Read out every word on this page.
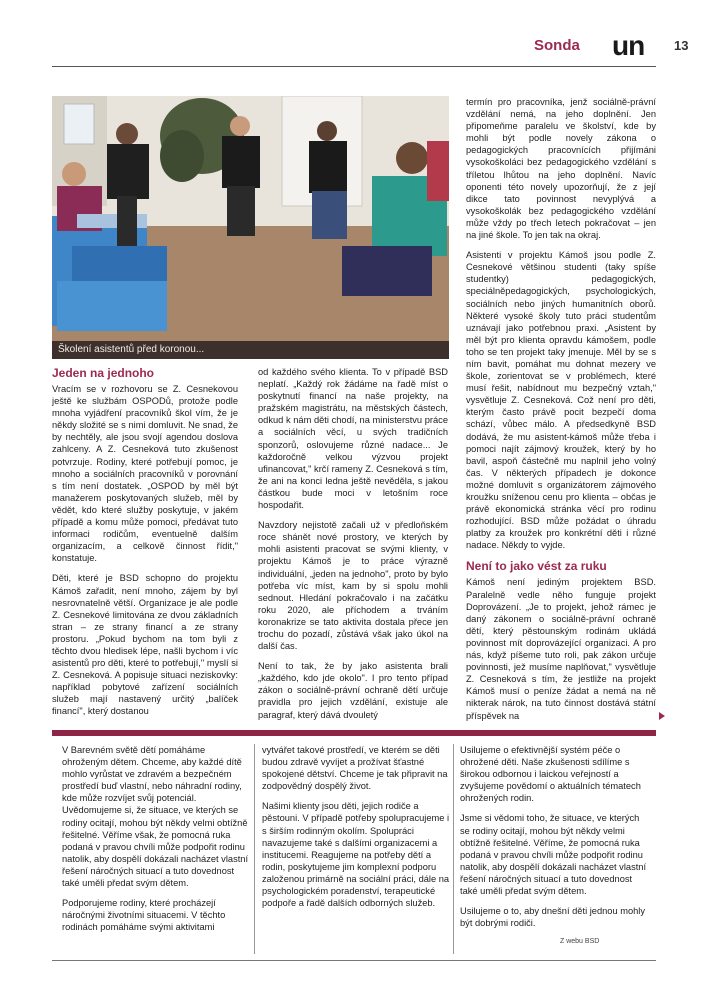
Sonda un 13
Školení asistentů před koronou...
Jeden na jednoho

Vracím se v rozhovoru se Z. Cesnekovou ještě ke službám OSPODů, protože podle mnoha vyjádření pracovníků škol vím, že je někdy složité se s nimi domluvit. Ne snad, že by nechtěly, ale jsou svojí agendou doslova zahlceny. A Z. Cesneková tuto zkušenost potvrzuje. Rodiny, které potřebují pomoc, je mnoho a sociálních pracovníků v porovnání s tím není dostatek. „OSPOD by měl být manažerem poskytovaných služeb, měl by vědět, kdo které služby poskytuje, v jakém případě a komu může pomoci, předávat tuto informaci rodičům, eventuelně dalším organizacím, a celkově činnost řídit," konstatuje.

Děti, které je BSD schopno do projektu Kámoš zařadit, není mnoho, zájem by byl nesrovnatelně větší. Organizace je ale podle Z. Cesnekové limitována ze dvou základních stran – ze strany financí a ze strany prostoru. „Pokud bychom na tom byli z těchto dvou hledisek lépe, našli bychom i víc asistentů pro děti, které to potřebují," myslí si Z. Cesneková. A popisuje situaci neziskovky: například pobytové zařízení sociálních služeb mají nastavený určitý „balíček financí", který dostanou

od každého svého klienta. To v případě BSD neplatí. „Každý rok žádáme na řadě míst o poskytnutí financí na naše projekty, na pražském magistrátu, na městských částech, odkud k nám děti chodí, na ministerstvu práce a sociálních věcí, u svých tradičních sponzorů, oslovujeme různé nadace... Je každoročně velkou výzvou projekt ufinancovat," krčí rameny Z. Cesneková s tím, že ani na konci ledna ještě nevěděla, s jakou částkou bude moci v letošním roce hospodařit.

Navzdory nejistotě začali už v předloňském roce shánět nové prostory, ve kterých by mohli asistenti pracovat se svými klienty, v projektu Kámoš je to práce výrazně individuální, „jeden na jednoho", proto by bylo potřeba víc míst, kam by si spolu mohli sednout. Hledání pokračovalo i na začátku roku 2020, ale příchodem a trváním koronakrize se tato aktivita dostala přece jen trochu do pozadí, zůstává však jako úkol na další čas.

Není to tak, že by jako asistenta brali „každého, kdo jde okolo". I pro tento případ zákon o sociálně-právní ochraně dětí určuje pravidla pro jejich vzdělání, existuje ale paragraf, který dává dvouletý

termín pro pracovníka, jenž sociálně-právní vzdělání nemá, na jeho doplnění. Jen připomeňme paralelu ve školství, kde by mohli být podle novely zákona o pedagogických pracovnících přijímáni vysokoškoláci bez pedagogického vzdělání s tříletou lhůtou na jeho doplnění. Navíc oponenti této novely upozorňují, že z její dikce tato povinnost nevyplývá a vysokoškolák bez pedagogického vzdělání může vždy po třech letech pokračovat – jen na jiné škole. To jen tak na okraj.

Asistenti v projektu Kámoš jsou podle Z. Cesnekové většinou studenti (taky spíše studentky) pedagogických, speciálněpedagogických, psychologických, sociálních nebo jiných humanitních oborů. Některé vysoké školy tuto práci studentům uznávají jako potřebnou praxi. „Asistent by měl být pro klienta opravdu kámošem, podle toho se ten projekt taky jmenuje. Měl by se s ním bavit, pomáhat mu dohnat mezery ve škole, zorientovat se v problémech, které musí řešit, nabídnout mu bezpečný vztah," vysvětluje Z. Cesneková. Což není pro děti, kterým často právě pocit bezpečí doma schází, vůbec málo. A předsedkyně BSD dodává, že mu asistent-kámoš může třeba i pomoci najít zájmový kroužek, který by ho bavil, aspoň částečně mu naplnil jeho volný čas. V některých případech je dokonce možné domluvit s organizátorem zájmového kroužku sníženou cenu pro klienta – občas je právě ekonomická stránka věcí pro rodinu rozhodující. BSD může požádat o úhradu platby za kroužek pro konkrétní děti i různé nadace. Někdy to vyjde.

Není to jako vést za ruku

Kámoš není jediným projektem BSD. Paralelně vedle něho funguje projekt Doprovázení. „Je to projekt, jehož rámec je daný zákonem o sociálně-právní ochraně dětí, který pěstounským rodinám ukládá povinnost mít doprovázející organizaci. A pro nás, když píšeme tuto roli, pak zákon určuje povinnosti, jež musíme naplňovat," vysvětluje Z. Cesneková s tím, že jestliže na projekt Kámoš musí o peníze žádat a nemá na ně nikterak nárok, na tuto činnost dostává státní příspěvek na

V Barevném světě dětí pomáháme ohroženým dětem. Chceme, aby každé dítě mohlo vyrůstat ve zdravém a bezpečném prostředí buď vlastní, nebo náhradní rodiny, kde může rozvíjet svůj potenciál. Uvědomujeme si, že situace, ve kterých se rodiny ocitají, mohou být někdy velmi obtížně řešitelné. Věříme však, že pomocná ruka podaná v pravou chvíli může podpořit rodinu natolik, aby dospělí dokázali nacházet vlastní řešení náročných situací a tuto dovednost také uměli předat svým dětem.

Podporujeme rodiny, které procházejí náročnými životními situacemi. V těchto rodinách pomáháme svými aktivitami

vytvářet takové prostředí, ve kterém se děti budou zdravě vyvíjet a prožívat šťastné spokojené dětství. Chceme je tak připravit na zodpovědný dospělý život.

Našimi klienty jsou děti, jejich rodiče a pěstouni. V případě potřeby spolupracujeme i s širším rodinným okolím. Spolupráci navazujeme také s dalšími organizacemi a institucemi. Reagujeme na potřeby dětí a rodin, poskytujeme jim komplexní podporu založenou primárně na sociální práci, dále na psychologickém poradenství, terapeutické podpoře a řadě dalších odborných služeb.

Usilujeme o efektivnější systém péče o ohrožené děti. Naše zkušenosti sdílíme s širokou odbornou i laickou veřejností a zvyšujeme povědomí o aktuálních tématech ohrožených rodin.

Jsme si vědomi toho, že situace, ve kterých se rodiny ocitají, mohou být někdy velmi obtížně řešitelné. Věříme, že pomocná ruka podaná v pravou chvíli může podpořit rodinu natolik, aby dospělí dokázali nacházet vlastní řešení náročných situací a tuto dovednost také uměli předat svým dětem.

Usilujeme o to, aby dnešní děti jednou mohly být dobrými rodiči.

Z webu BSD
